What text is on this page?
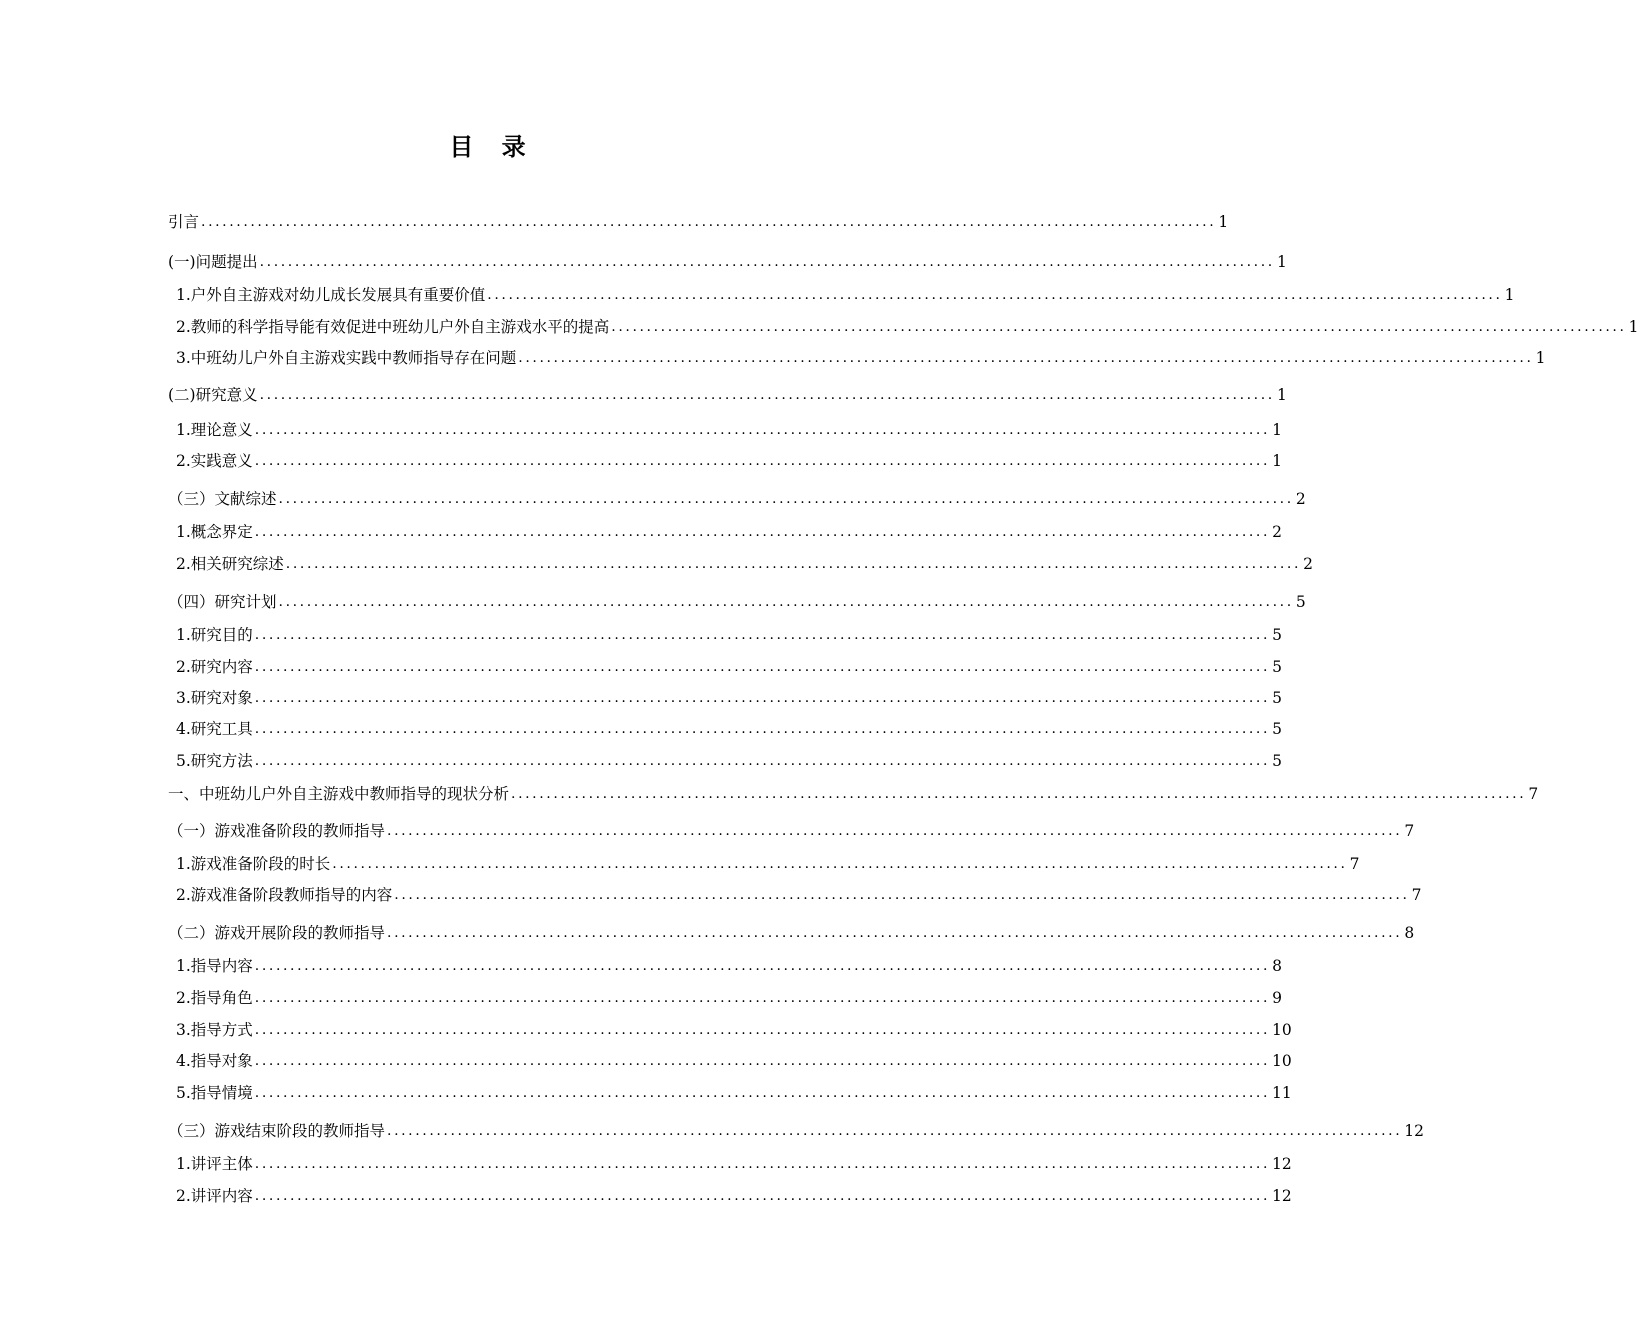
目 录
引言 ................................................................................................................................................ 1
(一)问题提出 ................................................................................................................................................ 1
1.户外自主游戏对幼儿成长发展具有重要价值 ................................................................................................................................................ 1
2.教师的科学指导能有效促进中班幼儿户外自主游戏水平的提高 ................................................................................................................................................ 1
3.中班幼儿户外自主游戏实践中教师指导存在问题 ................................................................................................................................................ 1
(二)研究意义 ................................................................................................................................................ 1
1.理论意义 ................................................................................................................................................ 1
2.实践意义 ................................................................................................................................................ 1
（三）文献综述 ................................................................................................................................................ 2
1.概念界定 ................................................................................................................................................ 2
2.相关研究综述 ................................................................................................................................................ 2
（四）研究计划 ................................................................................................................................................ 5
1.研究目的 ................................................................................................................................................ 5
2.研究内容 ................................................................................................................................................ 5
3.研究对象 ................................................................................................................................................ 5
4.研究工具 ................................................................................................................................................ 5
5.研究方法 ................................................................................................................................................ 5
一、中班幼儿户外自主游戏中教师指导的现状分析 ................................................................................................................................................ 7
（一）游戏准备阶段的教师指导 ................................................................................................................................................ 7
1.游戏准备阶段的时长 ................................................................................................................................................ 7
2.游戏准备阶段教师指导的内容 ................................................................................................................................................ 7
（二）游戏开展阶段的教师指导 ................................................................................................................................................ 8
1.指导内容 ................................................................................................................................................ 8
2.指导角色 ................................................................................................................................................ 9
3.指导方式 ................................................................................................................................................ 10
4.指导对象 ................................................................................................................................................ 10
5.指导情境 ................................................................................................................................................ 11
（三）游戏结束阶段的教师指导 ................................................................................................................................................ 12
1.讲评主体 ................................................................................................................................................ 12
2.讲评内容 ................................................................................................................................................ 12
